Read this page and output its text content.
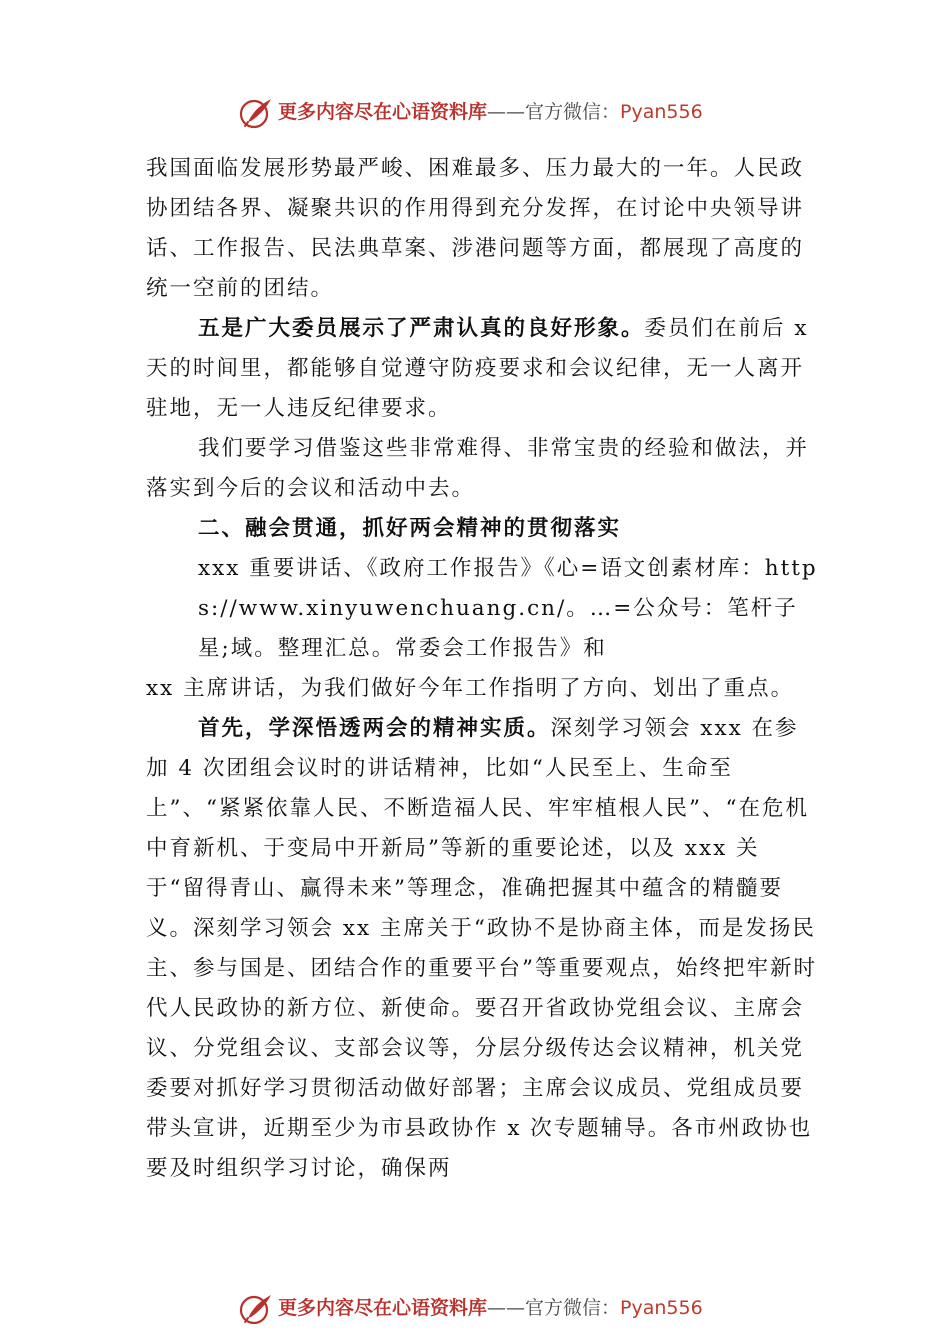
更多内容尽在心语资料库——官方微信：Pyan556

我国面临发展形势最严峻、困难最多、压力最大的一年。人民政协团结各界、凝聚共识的作用得到充分发挥，在讨论中央领导讲话、工作报告、民法典草案、涉港问题等方面，都展现了高度的统一空前的团结。

五是广大委员展示了严肃认真的良好形象。委员们在前后 x 天的时间里，都能够自觉遵守防疫要求和会议纪律，无一人离开驻地，无一人违反纪律要求。

我们要学习借鉴这些非常难得、非常宝贵的经验和做法，并落实到今后的会议和活动中去。

二、融会贯通，抓好两会精神的贯彻落实

xxx 重要讲话、《政府工作报告》《心=语文创素材库：https://www.xinyuwenchuang.cn/。…=公众号：笔杆子星;域。整理汇总。常委会工作报告》和

xx 主席讲话，为我们做好今年工作指明了方向、划出了重点。

首先，学深悟透两会的精神实质。深刻学习领会 xxx 在参加 4 次团组会议时的讲话精神，比如“人民至上、生命至上”、“紧紧依靠人民、不断造福人民、牢牢植根人民”、“在危机中育新机、于变局中开新局”等新的重要论述，以及 xxx 关于“留得青山、赢得未来”等理念，准确把握其中蕴含的精髓要义。深刻学习领会 xx 主席关于“政协不是协商主体，而是发扬民主、参与国是、团结合作的重要平台”等重要观点，始终把牢新时代人民政协的新方位、新使命。要召开省政协党组会议、主席会议、分党组会议、支部会议等，分层分级传达会议精神，机关党委要对抓好学习贯彻活动做好部署；主席会议成员、党组成员要带头宣讲，近期至少为市县政协作 x 次专题辅导。各市州政协也要及时组织学习讨论，确保两

更多内容尽在心语资料库——官方微信：Pyan556
